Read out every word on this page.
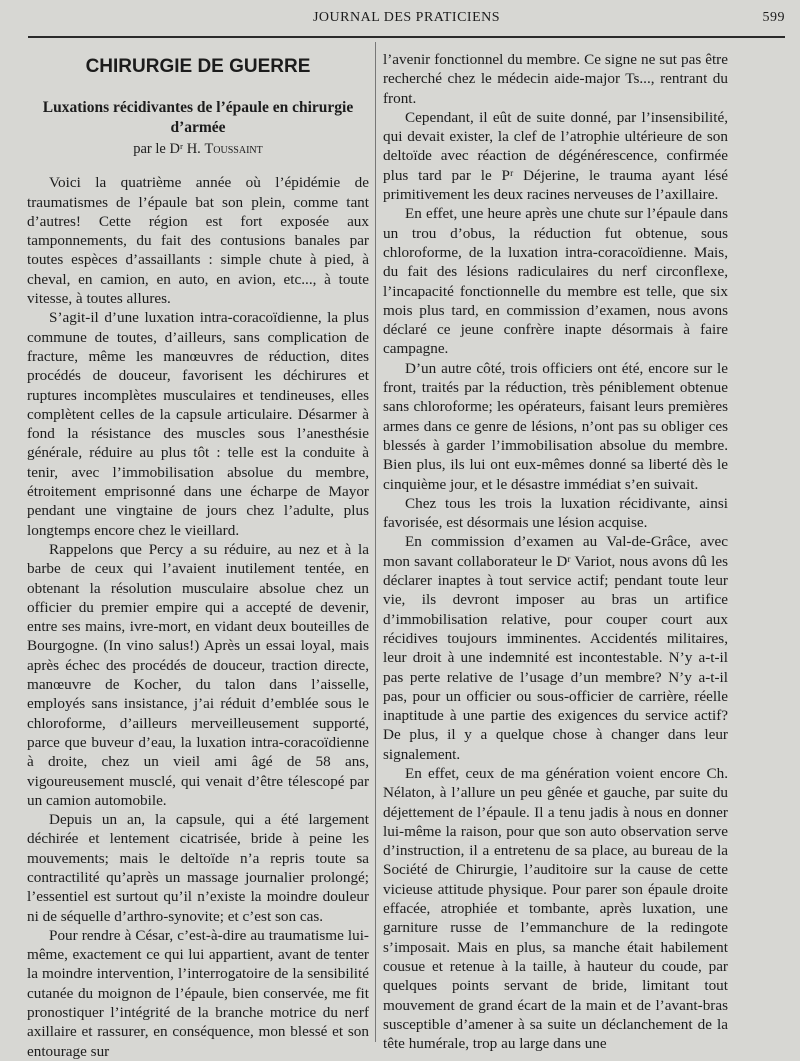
JOURNAL DES PRATICIENS	599
CHIRURGIE DE GUERRE
Luxations récidivantes de l’épaule en chirurgie d’armée
par le Dʳ H. Toussaint

Voici la quatrième année où l’épidémie de traumatismes de l’épaule bat son plein, comme tant d’autres! Cette région est fort exposée aux tamponnements, du fait des contusions banales par toutes espèces d’assaillants : simple chute à pied, à cheval, en camion, en auto, en avion, etc..., à toute vitesse, à toutes allures.

S’agit-il d’une luxation intra-coracoïdienne, la plus commune de toutes, d’ailleurs, sans complication de fracture, même les manœuvres de réduction, dites procédés de douceur, favorisent les déchirures et ruptures incomplètes musculaires et tendineuses, elles complètent celles de la capsule articulaire. Désarmer à fond la résistance des muscles sous l’anesthésie générale, réduire au plus tôt : telle est la conduite à tenir, avec l’immobilisation absolue du membre, étroitement emprisonné dans une écharpe de Mayor pendant une vingtaine de jours chez l’adulte, plus longtemps encore chez le vieillard.

Rappelons que Percy a su réduire, au nez et à la barbe de ceux qui l’avaient inutilement tentée, en obtenant la résolution musculaire absolue chez un officier du premier empire qui a accepté de devenir, entre ses mains, ivre-mort, en vidant deux bouteilles de Bourgogne. (In vino salus!) Après un essai loyal, mais après échec des procédés de douceur, traction directe, manœuvre de Kocher, du talon dans l’aisselle, employés sans insistance, j’ai réduit d’emblée sous le chloroforme, d’ailleurs merveilleusement supporté, parce que buveur d’eau, la luxation intra-coracoïdienne à droite, chez un vieil ami âgé de 58 ans, vigoureusement musclé, qui venait d’être télescopé par un camion automobile.

Depuis un an, la capsule, qui a été largement déchirée et lentement cicatrisée, bride à peine les mouvements; mais le deltoïde n’a repris toute sa contractilité qu’après un massage journalier prolongé; l’essentiel est surtout qu’il n’existe la moindre douleur ni de séquelle d’arthro-synovite; et c’est son cas.

Pour rendre à César, c’est-à-dire au traumatisme lui-même, exactement ce qui lui appartient, avant de tenter la moindre intervention, l’interrogatoire de la sensibilité cutanée du moignon de l’épaule, bien conservée, me fit pronostiquer l’intégrité de la branche motrice du nerf axillaire et rassurer, en conséquence, mon blessé et son entourage sur

l’avenir fonctionnel du membre. Ce signe ne sut pas être recherché chez le médecin aide-major Ts..., rentrant du front.

Cependant, il eût de suite donné, par l’insensibilité, qui devait exister, la clef de l’atrophie ultérieure de son deltoïde avec réaction de dégénérescence, confirmée plus tard par le Pʳ Déjerine, le trauma ayant lésé primitivement les deux racines nerveuses de l’axillaire.

En effet, une heure après une chute sur l’épaule dans un trou d’obus, la réduction fut obtenue, sous chloroforme, de la luxation intra-coracoïdienne. Mais, du fait des lésions radiculaires du nerf circonflexe, l’incapacité fonctionnelle du membre est telle, que six mois plus tard, en commission d’examen, nous avons déclaré ce jeune confrère inapte désormais à faire campagne.

D’un autre côté, trois officiers ont été, encore sur le front, traités par la réduction, très péniblement obtenue sans chloroforme; les opérateurs, faisant leurs premières armes dans ce genre de lésions, n’ont pas su obliger ces blessés à garder l’immobilisation absolue du membre. Bien plus, ils lui ont eux-mêmes donné sa liberté dès le cinquième jour, et le désastre immédiat s’en suivait.

Chez tous les trois la luxation récidivante, ainsi favorisée, est désormais une lésion acquise.

En commission d’examen au Val-de-Grâce, avec mon savant collaborateur le Dʳ Variot, nous avons dû les déclarer inaptes à tout service actif; pendant toute leur vie, ils devront imposer au bras un artifice d’immobilisation relative, pour couper court aux récidives toujours imminentes. Accidentés militaires, leur droit à une indemnité est incontestable. N’y a-t-il pas perte relative de l’usage d’un membre? N’y a-t-il pas, pour un officier ou sous-officier de carrière, réelle inaptitude à une partie des exigences du service actif? De plus, il y a quelque chose à changer dans leur signalement.

En effet, ceux de ma génération voient encore Ch. Nélaton, à l’allure un peu gênée et gauche, par suite du déjettement de l’épaule. Il a tenu jadis à nous en donner lui-même la raison, pour que son auto observation serve d’instruction, il a entretenu de sa place, au bureau de la Société de Chirurgie, l’auditoire sur la cause de cette vicieuse attitude physique. Pour parer son épaule droite effacée, atrophiée et tombante, après luxation, une garniture russe de l’emmanchure de la redingote s’imposait. Mais en plus, sa manche était habilement cousue et retenue à la taille, à hauteur du coude, par quelques points servant de bride, limitant tout mouvement de grand écart de la main et de l’avant-bras susceptible d’amener à sa suite un déclanchement de la tête humérale, trop au large dans une
